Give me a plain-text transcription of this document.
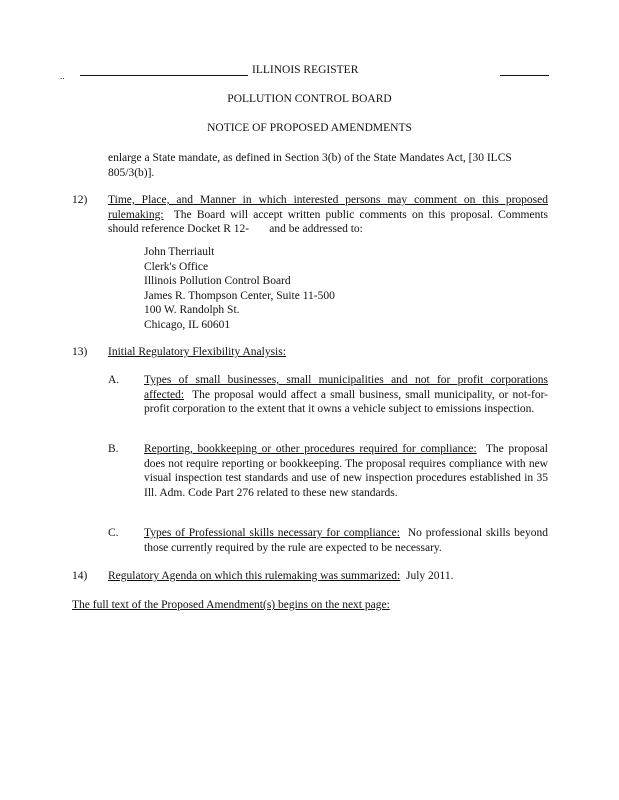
..	ILLINOIS REGISTER
POLLUTION CONTROL BOARD
NOTICE OF PROPOSED AMENDMENTS
enlarge a State mandate, as defined in Section 3(b) of the State Mandates Act, [30 ILCS
805/3(b)].
12) Time, Place, and Manner in which interested persons may comment on this proposed rulemaking: The Board will accept written public comments on this proposal. Comments should reference Docket R 12- and be addressed to:
John Therriault
Clerk's Office
Illinois Pollution Control Board
James R. Thompson Center, Suite 11-500
100 W. Randolph St.
Chicago, IL 60601
13) Initial Regulatory Flexibility Analysis:
A. Types of small businesses, small municipalities and not for profit corporations affected: The proposal would affect a small business, small municipality, or not-for-profit corporation to the extent that it owns a vehicle subject to emissions inspection.
B. Reporting, bookkeeping or other procedures required for compliance: The proposal does not require reporting or bookkeeping. The proposal requires compliance with new visual inspection test standards and use of new inspection procedures established in 35 Ill. Adm. Code Part 276 related to these new standards.
C. Types of Professional skills necessary for compliance: No professional skills beyond those currently required by the rule are expected to be necessary.
14) Regulatory Agenda on which this rulemaking was summarized: July 2011.
The full text of the Proposed Amendment(s) begins on the next page:
